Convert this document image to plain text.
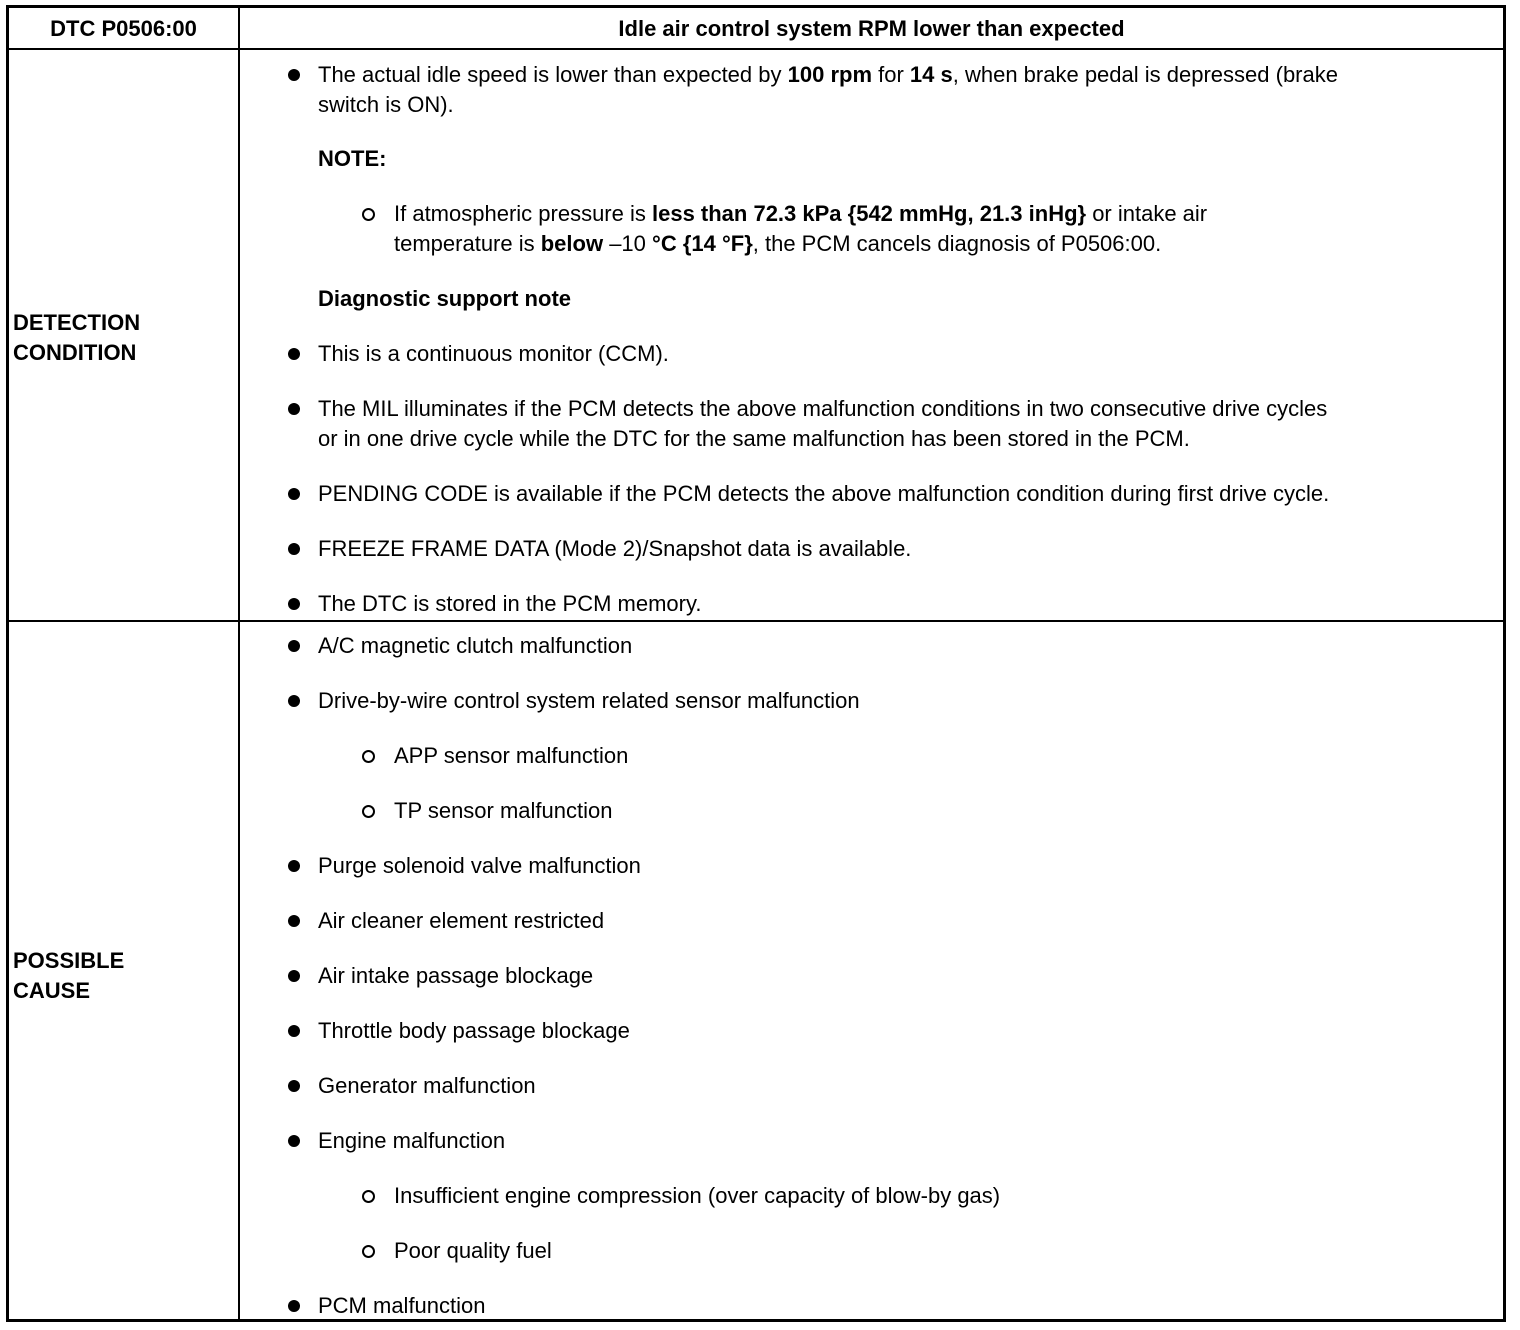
DTC P0506:00	Idle air control system RPM lower than expected
DETECTION
CONDITION
The actual idle speed is lower than expected by 100 rpm for 14 s, when brake pedal is depressed (brake
switch is ON).
NOTE:
If atmospheric pressure is less than 72.3 kPa {542 mmHg, 21.3 inHg} or intake air
temperature is below –10 °C {14 °F}, the PCM cancels diagnosis of P0506:00.
Diagnostic support note
This is a continuous monitor (CCM).
The MIL illuminates if the PCM detects the above malfunction conditions in two consecutive drive cycles
or in one drive cycle while the DTC for the same malfunction has been stored in the PCM.
PENDING CODE is available if the PCM detects the above malfunction condition during first drive cycle.
FREEZE FRAME DATA (Mode 2)/Snapshot data is available.
The DTC is stored in the PCM memory.
POSSIBLE
CAUSE
A/C magnetic clutch malfunction
Drive-by-wire control system related sensor malfunction
APP sensor malfunction
TP sensor malfunction
Purge solenoid valve malfunction
Air cleaner element restricted
Air intake passage blockage
Throttle body passage blockage
Generator malfunction
Engine malfunction
Insufficient engine compression (over capacity of blow-by gas)
Poor quality fuel
PCM malfunction
